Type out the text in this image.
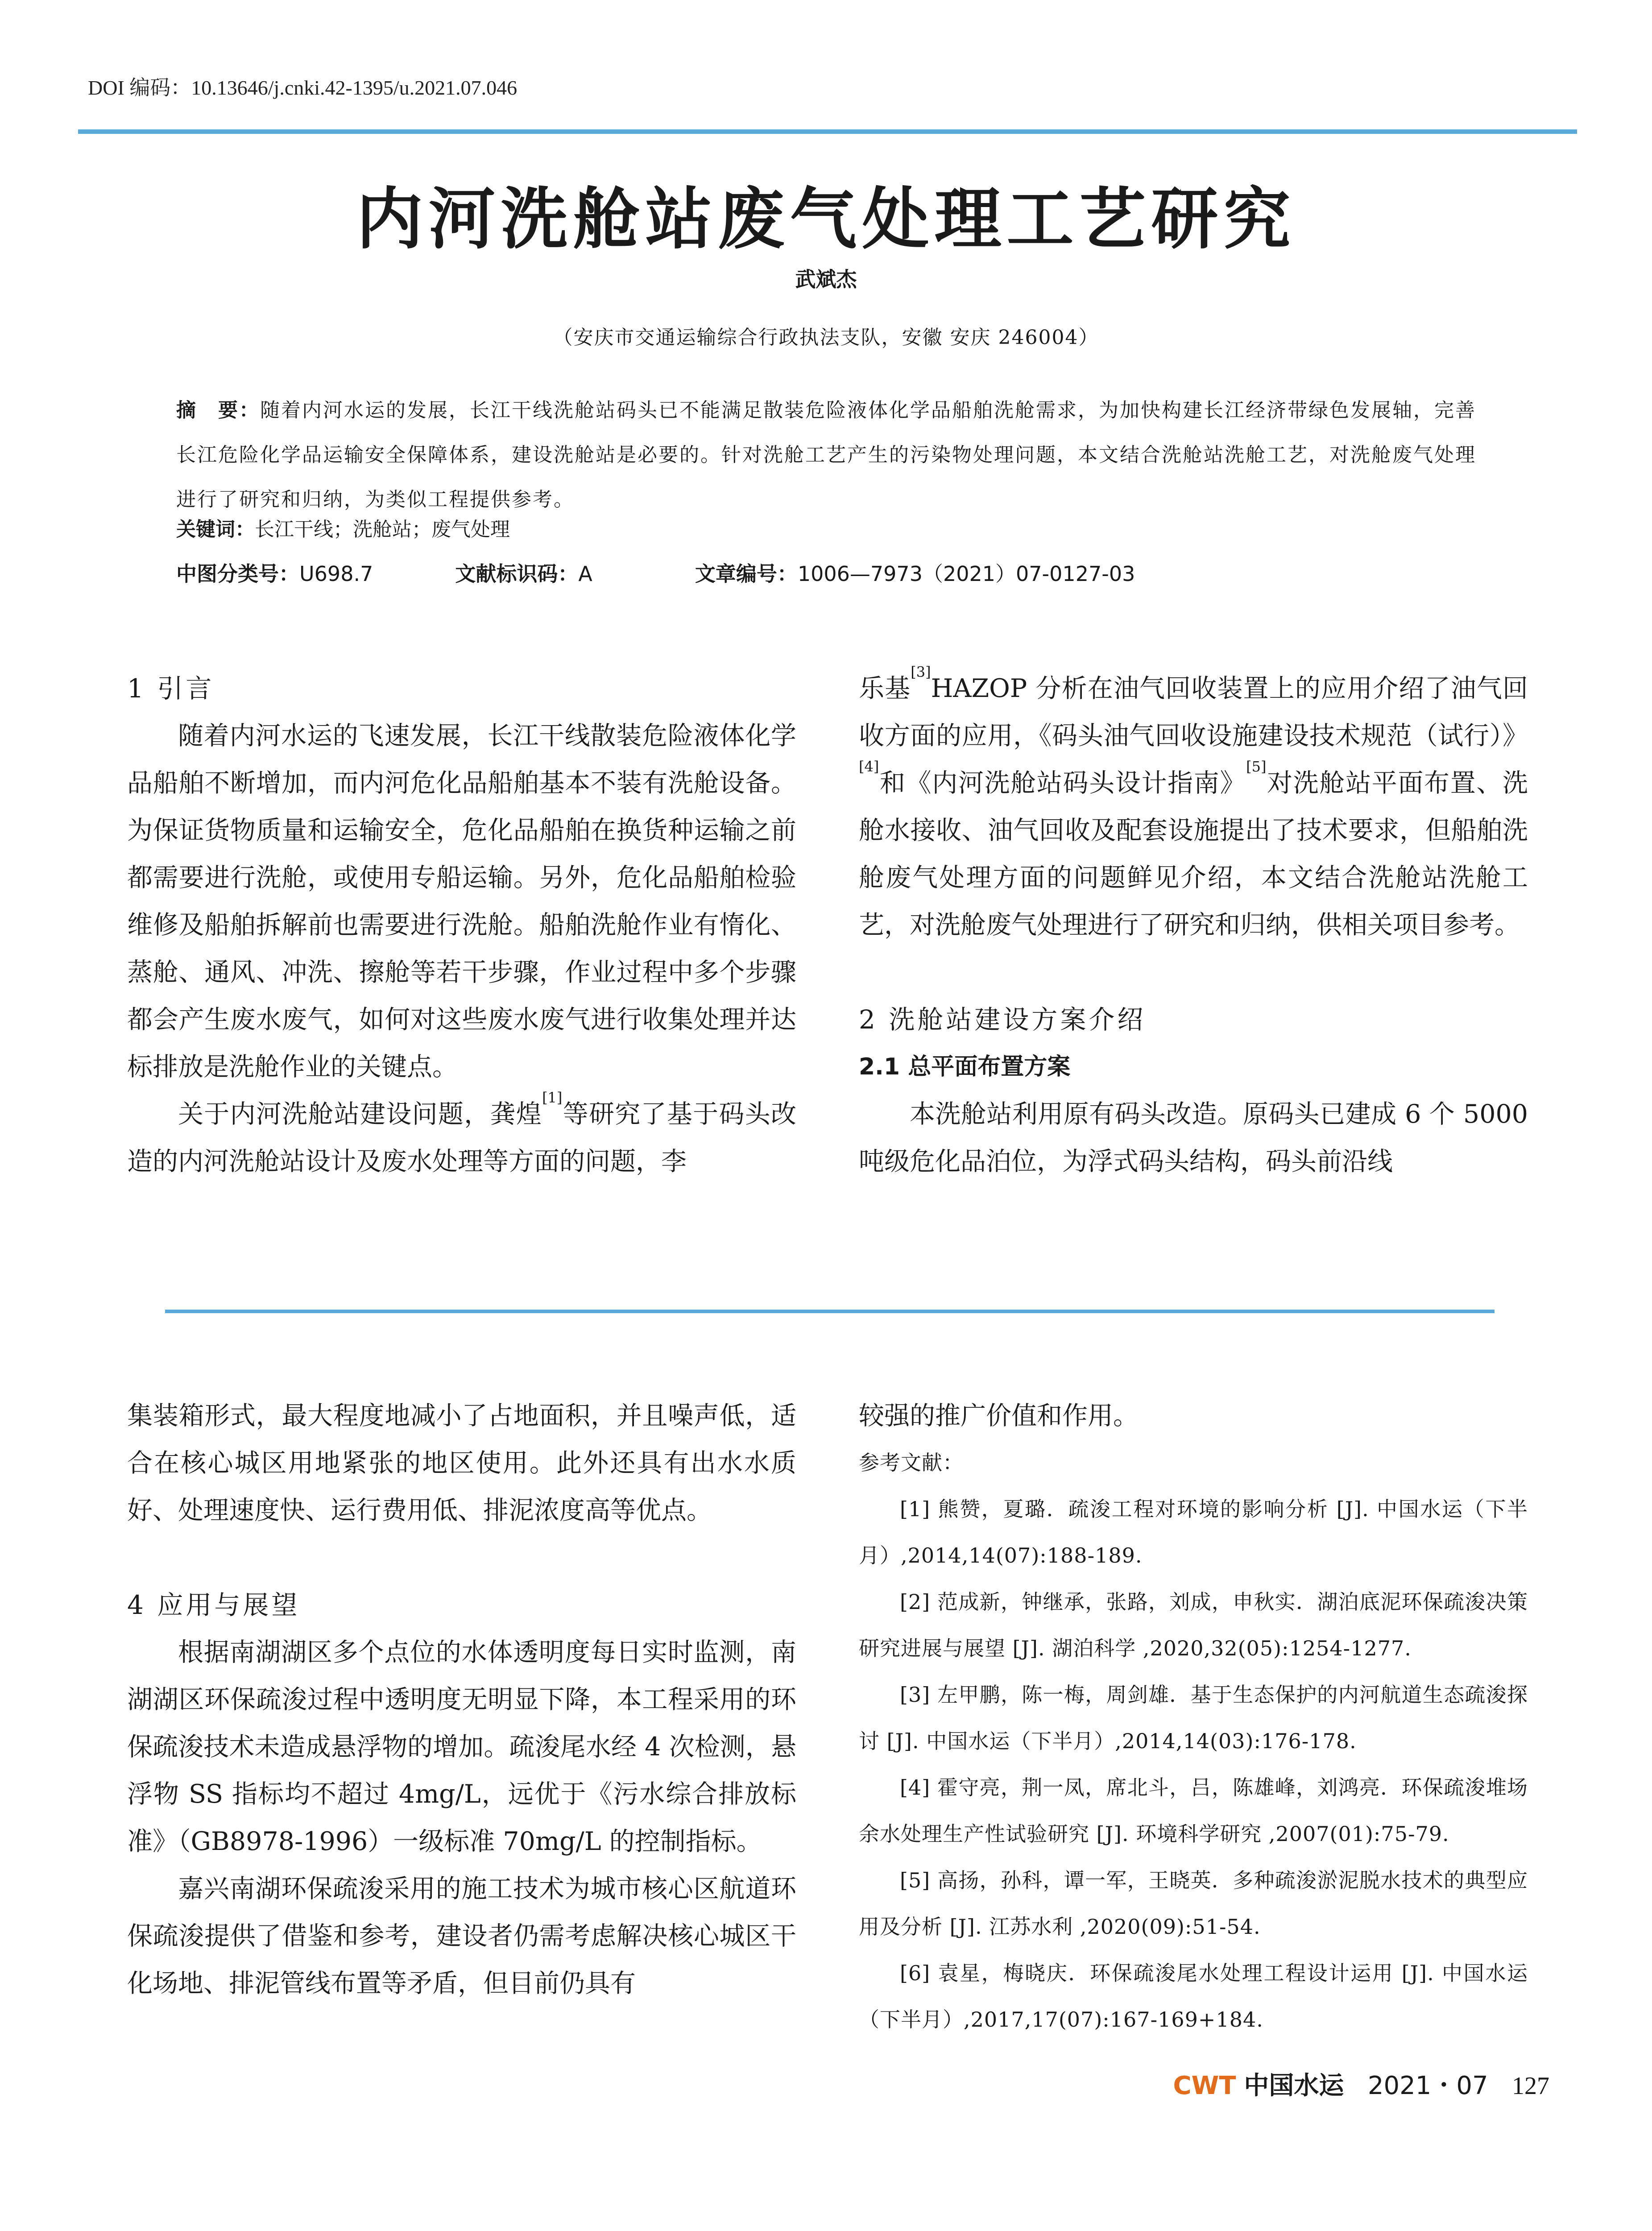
DOI 编码：10.13646/j.cnki.42-1395/u.2021.07.046
内河洗舱站废气处理工艺研究
武斌杰
（安庆市交通运输综合行政执法支队，安徽 安庆 246004）
摘　要：随着内河水运的发展，长江干线洗舱站码头已不能满足散装危险液体化学品船舶洗舱需求，为加快构建长江经济带绿色发展轴，完善长江危险化学品运输安全保障体系，建设洗舱站是必要的。针对洗舱工艺产生的污染物处理问题，本文结合洗舱站洗舱工艺，对洗舱废气处理进行了研究和归纳，为类似工程提供参考。
关键词：长江干线；洗舱站；废气处理
中图分类号：U698.7　　　　	文献标识码：A　　　　　	文章编号：1006—7973（2021）07-0127-03

1 引言

随着内河水运的飞速发展，长江干线散装危险液体化学品船舶不断增加，而内河危化品船舶基本不装有洗舱设备。为保证货物质量和运输安全，危化品船舶在换货种运输之前都需要进行洗舱，或使用专船运输。另外，危化品船舶检验维修及船舶拆解前也需要进行洗舱。船舶洗舱作业有惰化、蒸舱、通风、冲洗、擦舱等若干步骤，作业过程中多个步骤都会产生废水废气，如何对这些废水废气进行收集处理并达标排放是洗舱作业的关键点。

关于内河洗舱站建设问题，龚煌[1]等研究了基于码头改造的内河洗舱站设计及废水处理等方面的问题，李

乐基[3]HAZOP 分析在油气回收装置上的应用介绍了油气回收方面的应用，《码头油气回收设施建设技术规范（试行）》[4]和《内河洗舱站码头设计指南》[5]对洗舱站平面布置、洗舱水接收、油气回收及配套设施提出了技术要求，但船舶洗舱废气处理方面的问题鲜见介绍，本文结合洗舱站洗舱工艺，对洗舱废气处理进行了研究和归纳，供相关项目参考。

2 洗舱站建设方案介绍

2.1 总平面布置方案

本洗舱站利用原有码头改造。原码头已建成 6 个 5000 吨级危化品泊位，为浮式码头结构，码头前沿线

集装箱形式，最大程度地减小了占地面积，并且噪声低，适合在核心城区用地紧张的地区使用。此外还具有出水水质好、处理速度快、运行费用低、排泥浓度高等优点。

4 应用与展望

根据南湖湖区多个点位的水体透明度每日实时监测，南湖湖区环保疏浚过程中透明度无明显下降，本工程采用的环保疏浚技术未造成悬浮物的增加。疏浚尾水经 4 次检测，悬浮物 SS 指标均不超过 4mg/L，远优于《污水综合排放标准》（GB8978-1996）一级标准 70mg/L 的控制指标。

嘉兴南湖环保疏浚采用的施工技术为城市核心区航道环保疏浚提供了借鉴和参考，建设者仍需考虑解决核心城区干化场地、排泥管线布置等矛盾，但目前仍具有

较强的推广价值和作用。

参考文献：

[1] 熊赞，夏璐．疏浚工程对环境的影响分析 [J]. 中国水运（下半月）,2014,14(07):188-189.

[2] 范成新，钟继承，张路，刘成，申秋实．湖泊底泥环保疏浚决策研究进展与展望 [J]. 湖泊科学 ,2020,32(05):1254-1277.

[3] 左甲鹏，陈一梅，周剑雄．基于生态保护的内河航道生态疏浚探讨 [J]. 中国水运（下半月）,2014,14(03):176-178.

[4] 霍守亮，荆一凤，席北斗，吕，陈雄峰，刘鸿亮．环保疏浚堆场余水处理生产性试验研究 [J]. 环境科学研究 ,2007(01):75-79.

[5] 高扬，孙科，谭一军，王晓英．多种疏浚淤泥脱水技术的典型应用及分析 [J]. 江苏水利 ,2020(09):51-54.

[6] 袁星，梅晓庆．环保疏浚尾水处理工程设计运用 [J]. 中国水运（下半月）,2017,17(07):167-169+184.

CWT 中国水运 2021・07 127
